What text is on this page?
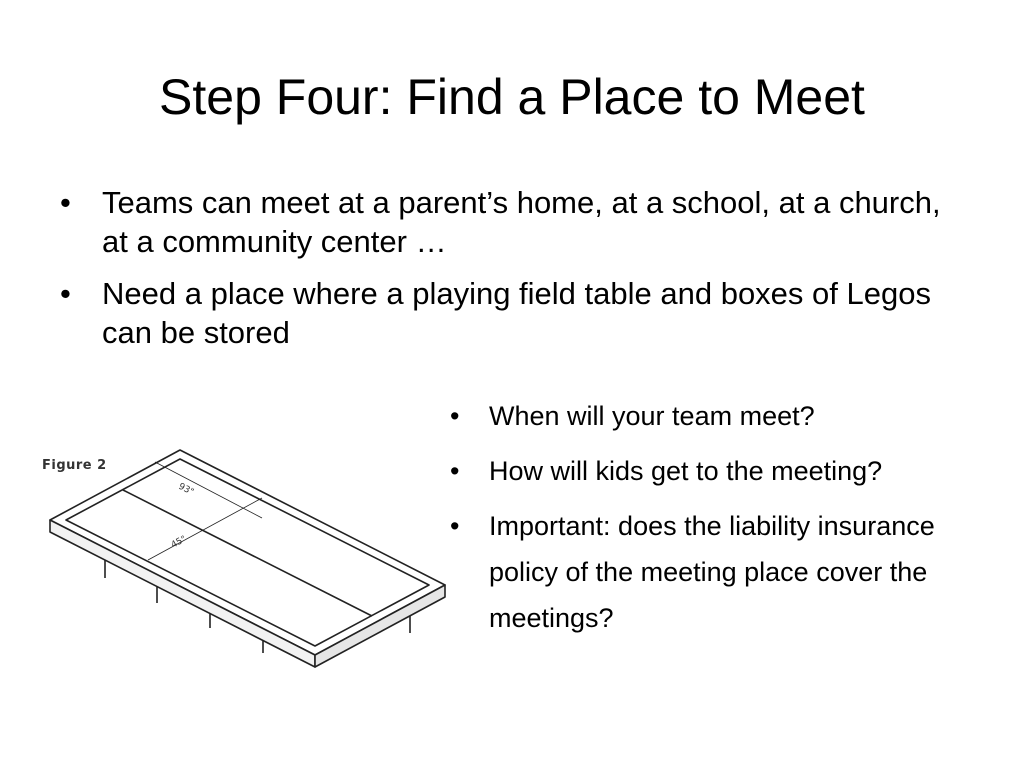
Step Four: Find a Place to Meet
• Teams can meet at a parent’s home, at a school, at a church, at a community center …
• Need a place where a playing field table and boxes of Legos can be stored
Figure 2
93"
45"
• When will your team meet?
• How will kids get to the meeting?
• Important: does the liability insurance policy of the meeting place cover the meetings?
